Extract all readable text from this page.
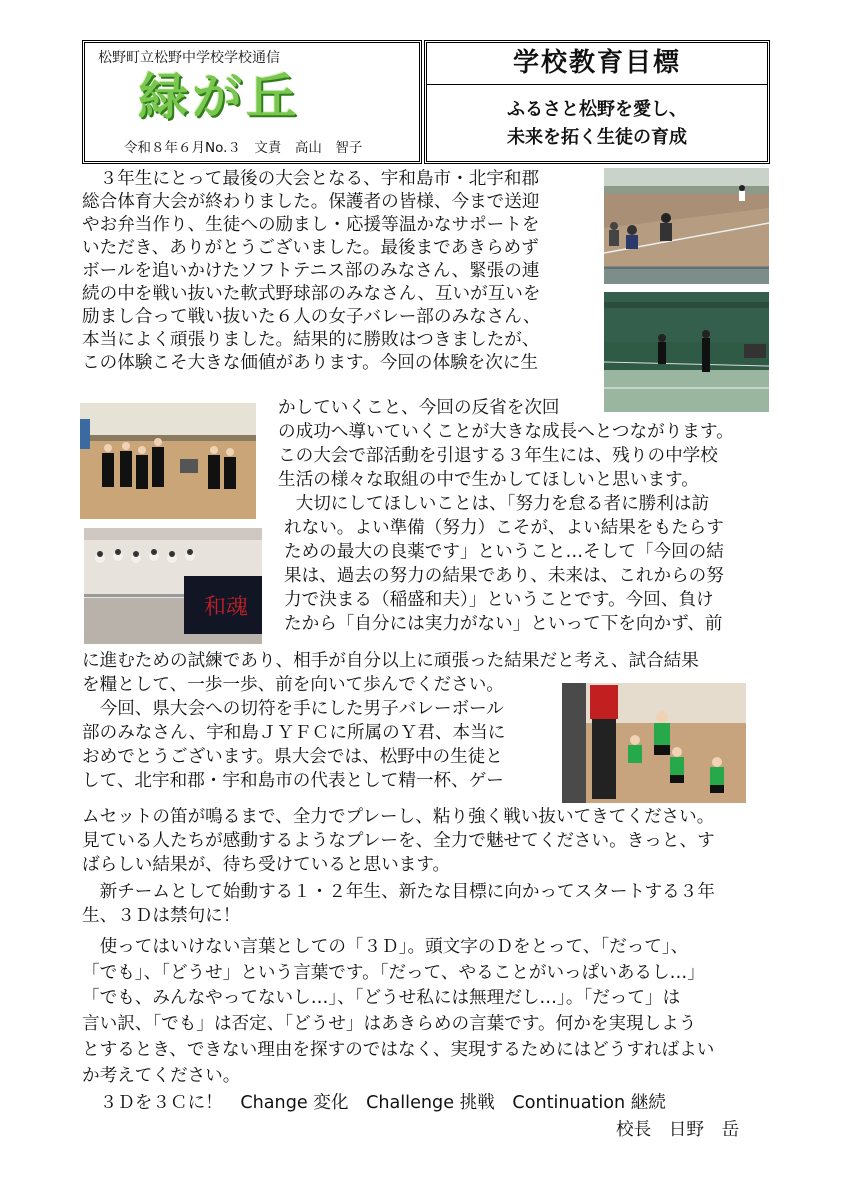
松野町立松野中学校学校通信
緑が丘
令和８年６月No.３　文責　高山　智子
学校教育目標
ふるさと松野を愛し、
未来を拓く生徒の育成
和魂
　３年生にとって最後の大会となる、宇和島市・北宇和郡
総合体育大会が終わりました。保護者の皆様、今まで送迎
やお弁当作り、生徒への励まし・応援等温かなサポートを
いただき、ありがとうございました。最後まであきらめず
ボールを追いかけたソフトテニス部のみなさん、緊張の連
続の中を戦い抜いた軟式野球部のみなさん、互いが互いを
励まし合って戦い抜いた６人の女子バレー部のみなさん、
本当によく頑張りました。結果的に勝敗はつきましたが、
この体験こそ大きな価値があります。今回の体験を次に生
かしていくこと、今回の反省を次回
の成功へ導いていくことが大きな成長へとつながります。
この大会で部活動を引退する３年生には、残りの中学校
生活の様々な取組の中で生かしてほしいと思います。
　大切にしてほしいことは、「努力を怠る者に勝利は訪
れない。よい準備（努力）こそが、よい結果をもたらす
ための最大の良薬です」ということ…そして「今回の結
果は、過去の努力の結果であり、未来は、これからの努
力で決まる（稲盛和夫）」ということです。今回、負け
たから「自分には実力がない」といって下を向かず、前
に進むための試練であり、相手が自分以上に頑張った結果だと考え、試合結果
を糧として、一歩一歩、前を向いて歩んでください。
　今回、県大会への切符を手にした男子バレーボール
部のみなさん、宇和島ＪＹＦＣに所属のＹ君、本当に
おめでとうございます。県大会では、松野中の生徒と
して、北宇和郡・宇和島市の代表として精一杯、ゲー
ムセットの笛が鳴るまで、全力でプレーし、粘り強く戦い抜いてきてください。
見ている人たちが感動するようなプレーを、全力で魅せてください。きっと、す
ばらしい結果が、待ち受けていると思います。
　新チームとして始動する１・２年生、新たな目標に向かってスタートする３年
生、３Ｄは禁句に！
　使ってはいけない言葉としての「３Ｄ」。頭文字のＤをとって、「だって」、
「でも」、「どうせ」という言葉です。「だって、やることがいっぱいあるし…」
「でも、みんなやってないし…」、「どうせ私には無理だし…」。「だって」は
言い訳、「でも」は否定、「どうせ」はあきらめの言葉です。何かを実現しよう
とするとき、できない理由を探すのではなく、実現するためにはどうすればよい
か考えてください。
　３Ｄを３Ｃに！　Change 変化　Challenge 挑戦　Continuation 継続
校長　日野　岳
